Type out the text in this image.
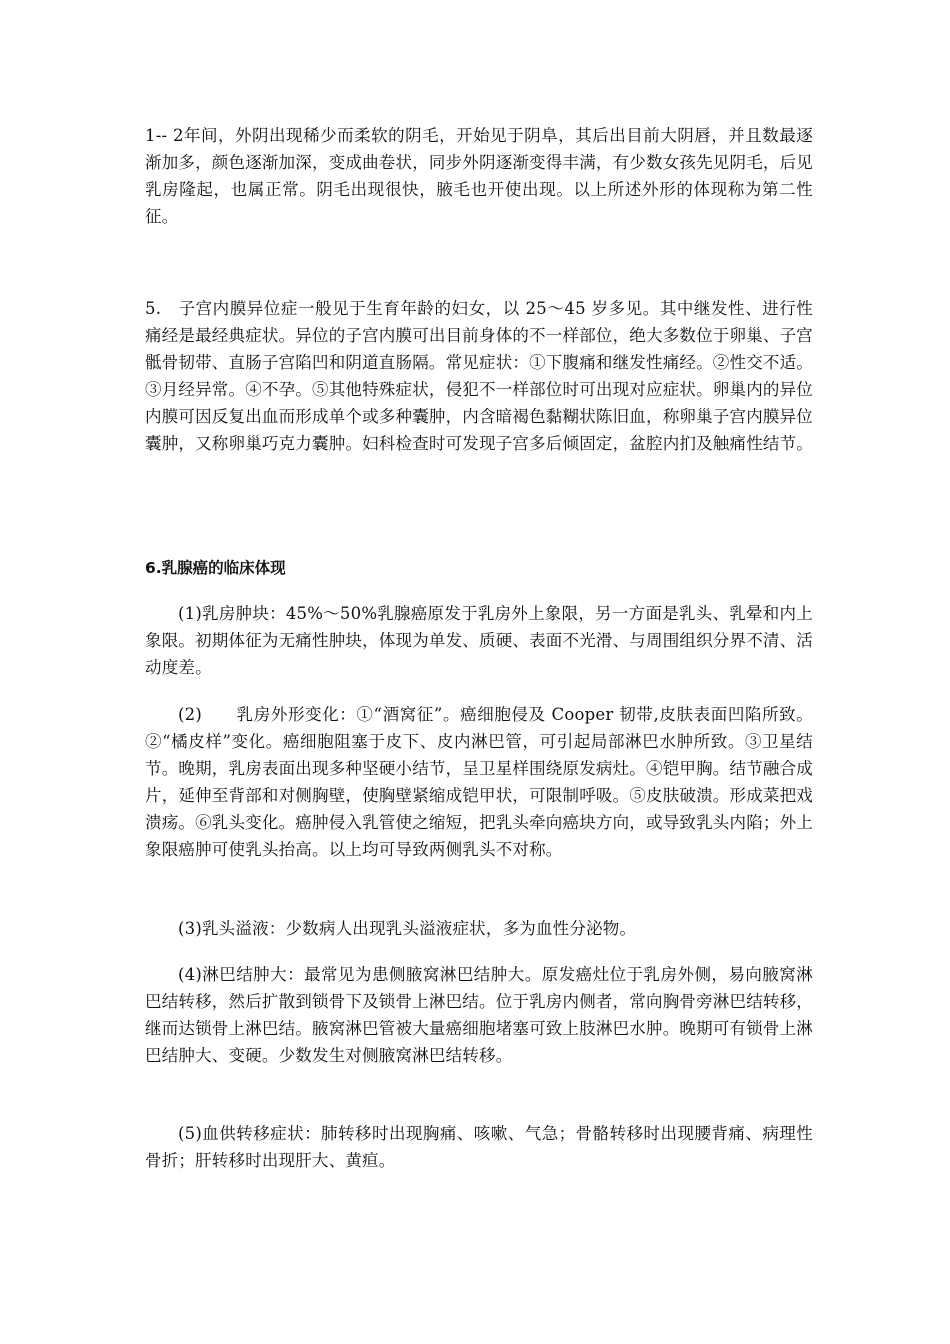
1-- 2年间，外阴出现稀少而柔软的阴毛，开始见于阴阜，其后出目前大阴唇，并且数最逐渐加多，颜色逐渐加深，变成曲卷状，同步外阴逐渐变得丰满，有少数女孩先见阴毛，后见乳房隆起，也属正常。阴毛出现很快，腋毛也开使出现。以上所述外形的体现称为第二性征。

5.　子宫内膜异位症一般见于生育年龄的妇女，以 25～45 岁多见。其中继发性、进行性痛经是最经典症状。异位的子宫内膜可出目前身体的不一样部位，绝大多数位于卵巢、子宫骶骨韧带、直肠子宫陷凹和阴道直肠隔。常见症状：①下腹痛和继发性痛经。②性交不适。③月经异常。④不孕。⑤其他特殊症状，侵犯不一样部位时可出现对应症状。卵巢内的异位内膜可因反复出血而形成单个或多种囊肿，内含暗褐色黏糊状陈旧血，称卵巢子宫内膜异位囊肿，又称卵巢巧克力囊肿。妇科检查时可发现子宫多后倾固定，盆腔内扪及触痛性结节。

6.乳腺癌的临床体现

(1)乳房肿块：45%～50%乳腺癌原发于乳房外上象限，另一方面是乳头、乳晕和内上象限。初期体征为无痛性肿块，体现为单发、质硬、表面不光滑、与周围组织分界不清、活动度差。

(2)　　乳房外形变化：①“酒窝征”。癌细胞侵及 Cooper 韧带,皮肤表面凹陷所致。②“橘皮样”变化。癌细胞阻塞于皮下、皮内淋巴管，可引起局部淋巴水肿所致。③卫星结节。晚期，乳房表面出现多种坚硬小结节，呈卫星样围绕原发病灶。④铠甲胸。结节融合成片，延伸至背部和对侧胸壁，使胸壁紧缩成铠甲状，可限制呼吸。⑤皮肤破溃。形成菜把戏溃疡。⑥乳头变化。癌肿侵入乳管使之缩短，把乳头牵向癌块方向，或导致乳头内陷；外上象限癌肿可使乳头抬高。以上均可导致两侧乳头不对称。

(3)乳头溢液：少数病人出现乳头溢液症状，多为血性分泌物。

(4)淋巴结肿大：最常见为患侧腋窝淋巴结肿大。原发癌灶位于乳房外侧，易向腋窝淋巴结转移，然后扩散到锁骨下及锁骨上淋巴结。位于乳房内侧者，常向胸骨旁淋巴结转移，继而达锁骨上淋巴结。腋窝淋巴管被大量癌细胞堵塞可致上肢淋巴水肿。晚期可有锁骨上淋巴结肿大、变硬。少数发生对侧腋窝淋巴结转移。

(5)血供转移症状：肺转移时出现胸痛、咳嗽、气急；骨骼转移时出现腰背痛、病理性骨折；肝转移时出现肝大、黄疸。
